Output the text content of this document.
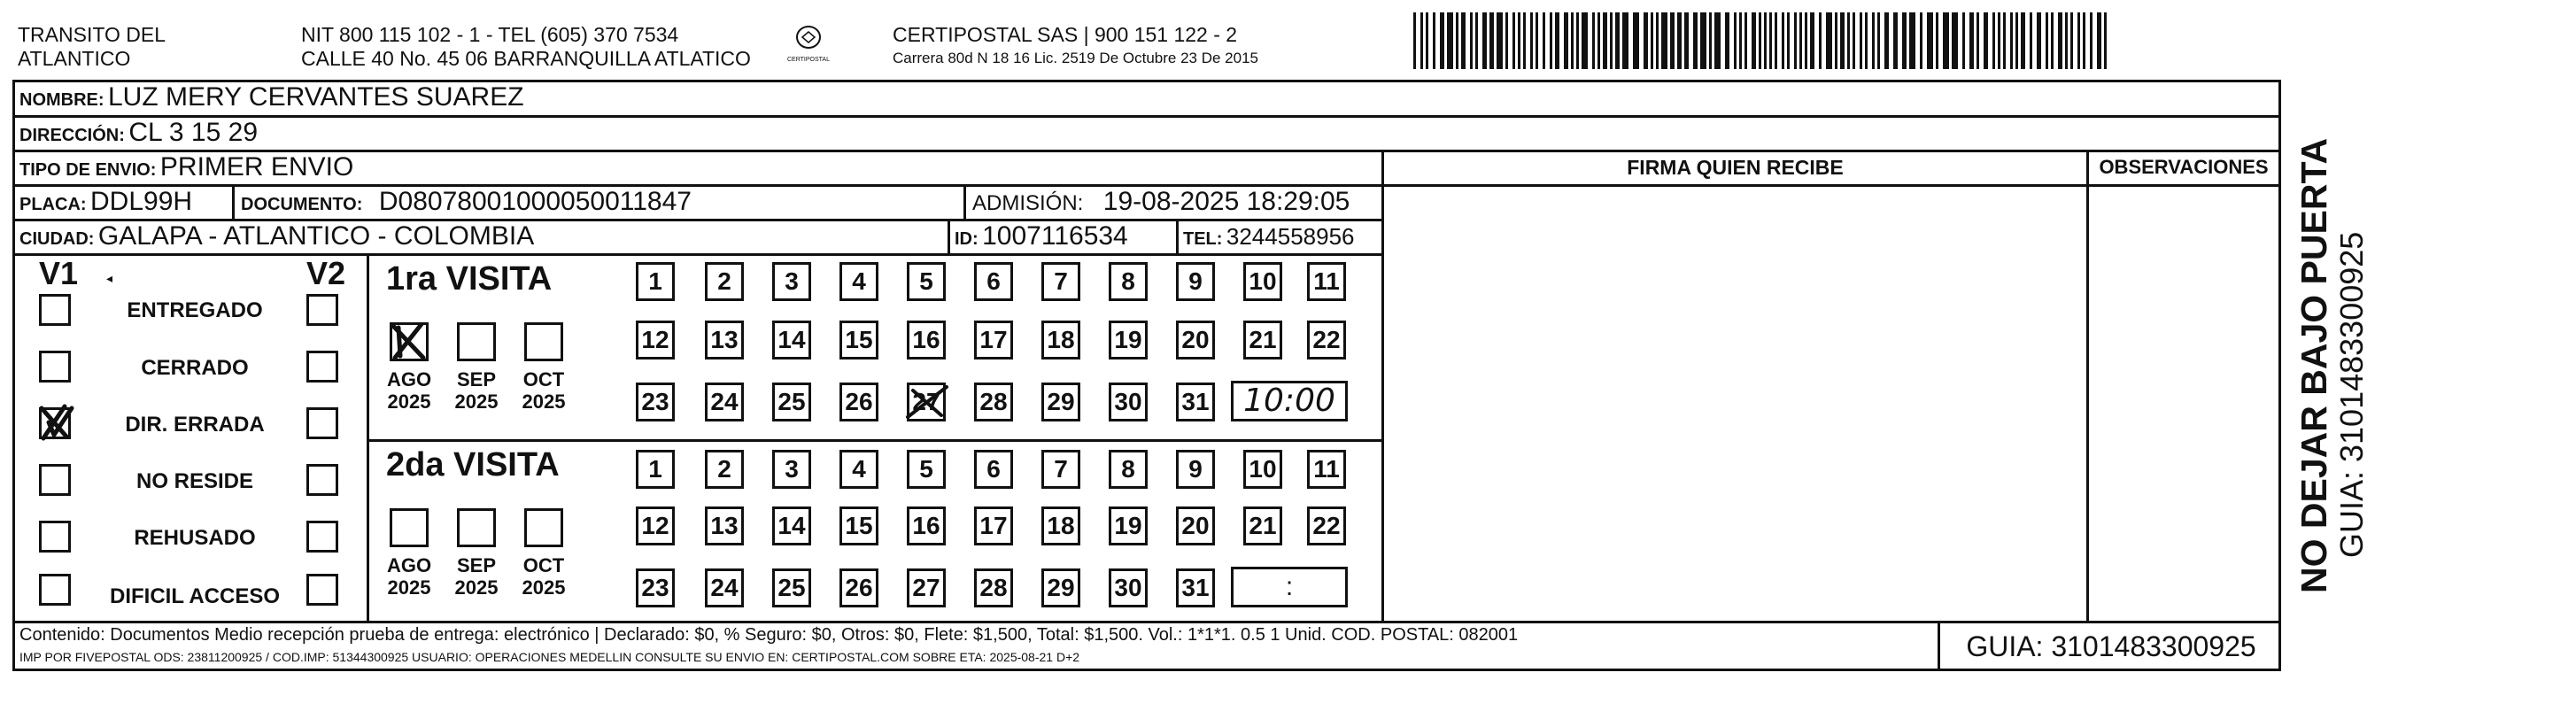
TRANSITO DEL
ATLANTICO
NIT 800 115 102 - 1 - TEL (605) 370 7534
CALLE 40 No. 45 06 BARRANQUILLA ATLATICO	CERTIPOSTAL
CERTIPOSTAL SAS | 900 151 122 - 2
Carrera 80d N 18 16 Lic. 2519 De Octubre 23 De 2015
NOMBRE: LUZ MERY CERVANTES SUAREZ
DIRECCIÓN: CL 3 15 29
TIPO DE ENVIO: PRIMER ENVIO	FIRMA QUIEN RECIBE	OBSERVACIONES
PLACA: DDL99H	DOCUMENTO: D08078001000050011847	ADMISIÓN: 19-08-2025 18:29:05
CIUDAD: GALAPA - ATLANTICO - COLOMBIA	ID: 1007116534	TEL: 3244558956
V1 ◂	V2
ENTREGADO
CERRADO
DIR. ERRADA
NO RESIDE
REHUSADO
DIFICIL ACCESO
1ra VISITA
2da VISITA
AGO
2025
SEP
2025
OCT
2025
AGO
2025
SEP
2025
OCT
2025
1 2 3 4 5 6 7 8 9 10 11
12 13 14 15 16 17 18 19 20 21 22
23 24 25 26 27 28 29 30 31
1 2 3 4 5 6 7 8 9 10 11
12 13 14 15 16 17 18 19 20 21 22
23 24 25 26 27 28 29 30 31
10:00
:
Contenido: Documentos Medio recepción prueba de entrega: electrónico | Declarado: $0, % Seguro: $0, Otros: $0, Flete: $1,500, Total: $1,500. Vol.: 1*1*1. 0.5 1 Unid. COD. POSTAL: 082001
IMP POR FIVEPOSTAL ODS: 23811200925 / COD.IMP: 51344300925 USUARIO: OPERACIONES MEDELLIN CONSULTE SU ENVIO EN: CERTIPOSTAL.COM SOBRE ETA: 2025-08-21 D+2	GUIA: 3101483300925
NO DEJAR BAJO PUERTA GUIA: 3101483300925
